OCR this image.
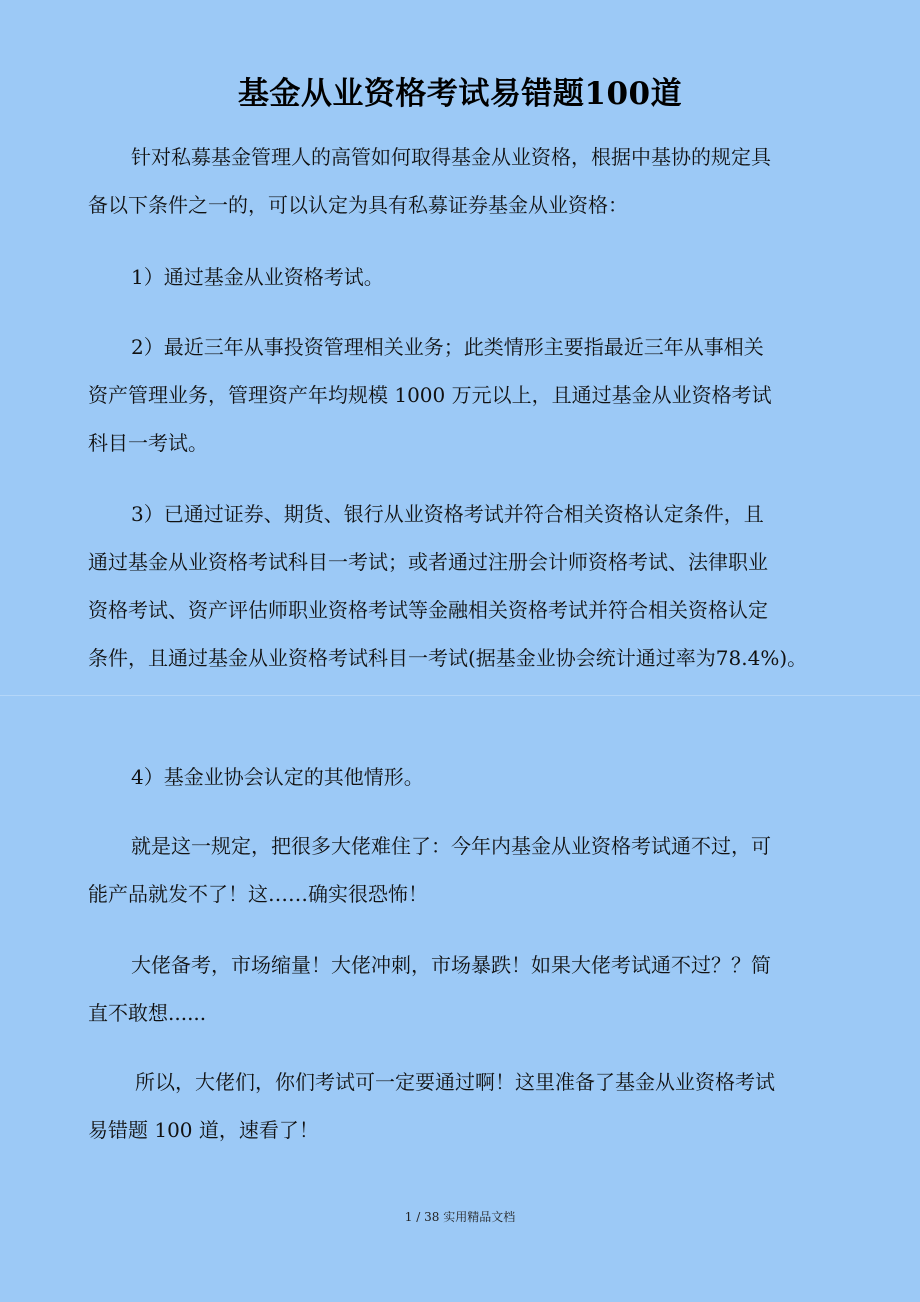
基金从业资格考试易错题100道
针对私募基金管理人的高管如何取得基金从业资格，根据中基协的规定具
备以下条件之一的，可以认定为具有私募证券基金从业资格：
1）通过基金从业资格考试。
2）最近三年从事投资管理相关业务；此类情形主要指最近三年从事相关
资产管理业务，管理资产年均规模 1000 万元以上，且通过基金从业资格考试
科目一考试。
3）已通过证券、期货、银行从业资格考试并符合相关资格认定条件，且
通过基金从业资格考试科目一考试；或者通过注册会计师资格考试、法律职业
资格考试、资产评估师职业资格考试等金融相关资格考试并符合相关资格认定
条件，且通过基金从业资格考试科目一考试(据基金业协会统计通过率为78.4%)。
4）基金业协会认定的其他情形。
就是这一规定，把很多大佬难住了：今年内基金从业资格考试通不过，可
能产品就发不了！这……确实很恐怖！
大佬备考，市场缩量！大佬冲刺，市场暴跌！如果大佬考试通不过？？简
直不敢想......
所以，大佬们，你们考试可一定要通过啊！这里准备了基金从业资格考试
易错题 100 道，速看了！
1 / 38 实用精品文档
